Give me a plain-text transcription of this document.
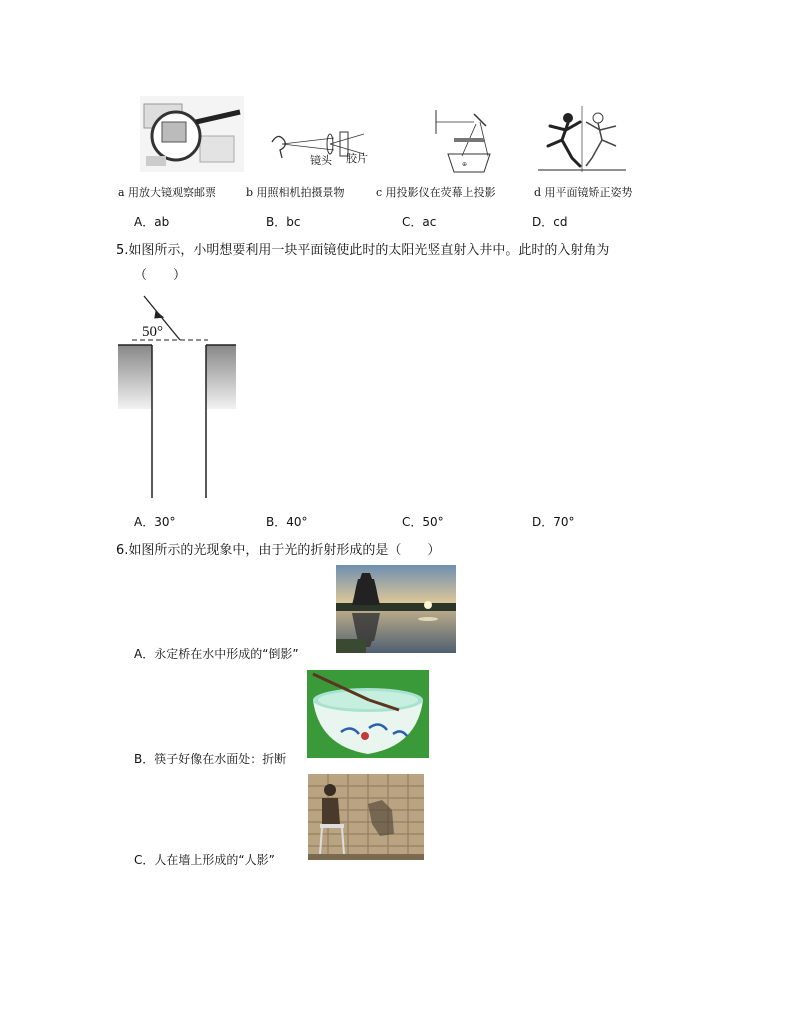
镜头 胶片	⊕
a 用放大镜观察邮票	b 用照相机拍摄景物	c 用投影仪在荧幕上投影	d 用平面镜矫正姿势
A．ab	B．bc	C．ac	D．cd
5.如图所示，小明想要利用一块平面镜使此时的太阳光竖直射入井中。此时的入射角为
（　　）
50°
A．30°	B．40°	C．50°	D．70°
6.如图所示的光现象中，由于光的折射形成的是（　　）
A．永定桥在水中形成的“倒影”
B．筷子好像在水面处：折断
C．人在墙上形成的“人影”
